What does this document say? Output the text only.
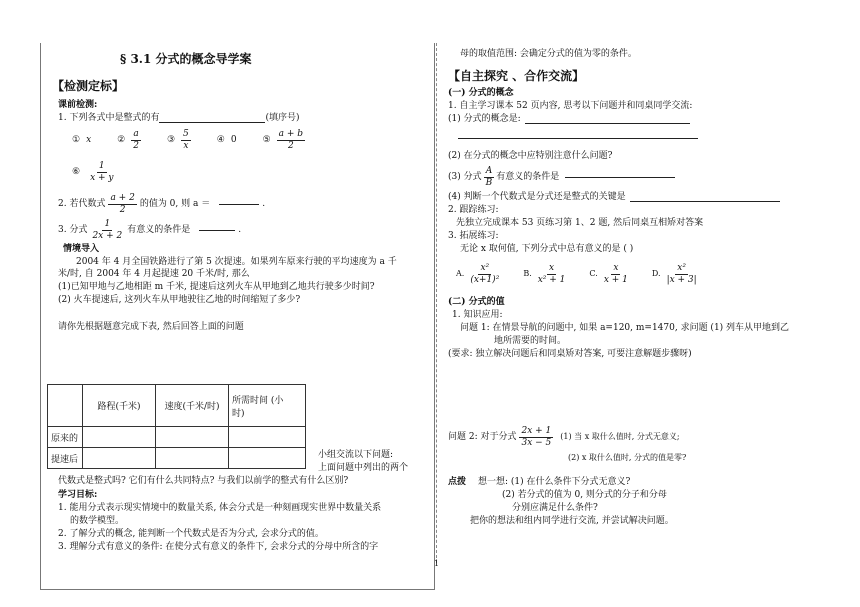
§ 3.1 分式的概念导学案
【检测定标】
课前检测:
1. 下列各式中是整式的有	(填序号)
① x	② $\frac{a}{2}$	③ $\frac{5}{x}$	④ 0	⑤ $\frac{a + b}{2}$
⑥ $\frac{1}{x + y}$
2. 若代数式 $\frac{a + 2}{2}$ 的值为 0, 则 a ＝	.
3. 分式 $\frac{1}{2x + 2}$ 有意义的条件是	.
情境导入
2004 年 4 月全国铁路进行了第 5 次提速。如果列车原来行驶的平均速度为 a 千
米/时, 自 2004 年 4 月起提速 20 千米/时, 那么
(1)已知甲地与乙地相距 m 千米, 提速后这列火车从甲地到乙地共行驶多少时间?
(2) 火车提速后, 这列火车从甲地驶往乙地的时间缩短了多少?
请你先根据题意完成下表, 然后回答上面的问题
	路程(千米)	速度(千米/时)	所需时间 (小
时)
原来的			
提速后				小组交流以下问题:
上面问题中列出的两个
代数式是整式吗? 它们有什么共同特点? 与我们以前学的整式有什么区别?
学习目标:
1. 能用分式表示现实情境中的数量关系, 体会分式是一种刻画现实世界中数量关系
的数学模型。
2. 了解分式的概念, 能判断一个代数式是否为分式, 会求分式的值。
3. 理解分式有意义的条件: 在使分式有意义的条件下, 会求分式的分母中所含的字
母的取值范围: 会确定分式的值为零的条件。
【自主探究 、合作交流】
(一) 分式的概念
1. 自主学习课本 52 页内容, 思考以下问题并和同桌同学交流:
(1) 分式的概念是:
(2) 在分式的概念中应特别注意什么问题?
(3) 分式 $\frac{A}{B}$ 有意义的条件是
(4) 判断一个代数式是分式还是整式的关键是
2. 跟踪练习:
先独立完成课本 53 页练习第 1、2 题, 然后同桌互相矫对答案
3. 拓展练习:
无论 x 取何值, 下列分式中总有意义的是 ( )
A. $\frac{\text{x²}}{\text{(x+1)²}}$	B. $\frac{x}{\text{x² + 1}}$	C. $\frac{x}{x + 1}$	D. $\frac{\text{x²}}{|x + 3|}$
(二) 分式的值
1. 知识应用:
问题 1: 在情景导航的问题中, 如果 a=120, m=1470, 求问题 (1) 列车从甲地到乙
地所需要的时间。
(要求: 独立解决问题后和同桌矫对答案, 可要注意解题步骤呀)
问题 2: 对于分式 $\frac{2x + 1}{3x - 5} (1)$ 当 x 取什么值时, 分式无意义;
(2) x 取什么值时, 分式的值是零?
点拨 想一想: (1) 在什么条件下分式无意义?
(2) 若分式的值为 0, 则分式的分子和分母
分别应满足什么条件?
把你的想法和组内同学进行交流, 并尝试解决问题。
1
